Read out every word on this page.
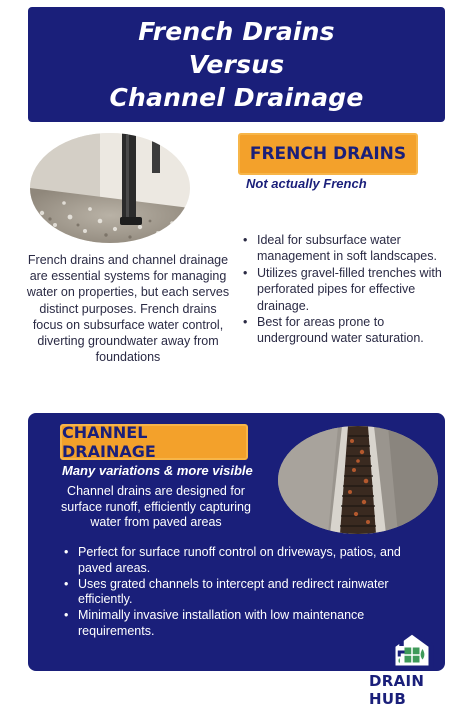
French Drains
Versus
Channel Drainage
FRENCH DRAINS
Not actually French
French drains and channel drainage are essential systems for managing water on properties, but each serves distinct purposes. French drains focus on subsurface water control, diverting groundwater away from foundations
• Ideal for subsurface water management in soft landscapes.
• Utilizes gravel-filled trenches with perforated pipes for effective drainage.
• Best for areas prone to underground water saturation.
CHANNEL DRAINAGE
Many variations & more visible
Channel drains are designed for surface runoff, efficiently capturing water from paved areas
• Perfect for surface runoff control on driveways, patios, and paved areas.
• Uses grated channels to intercept and redirect rainwater efficiently.
• Minimally invasive installation with low maintenance requirements.
DRAIN HUB
